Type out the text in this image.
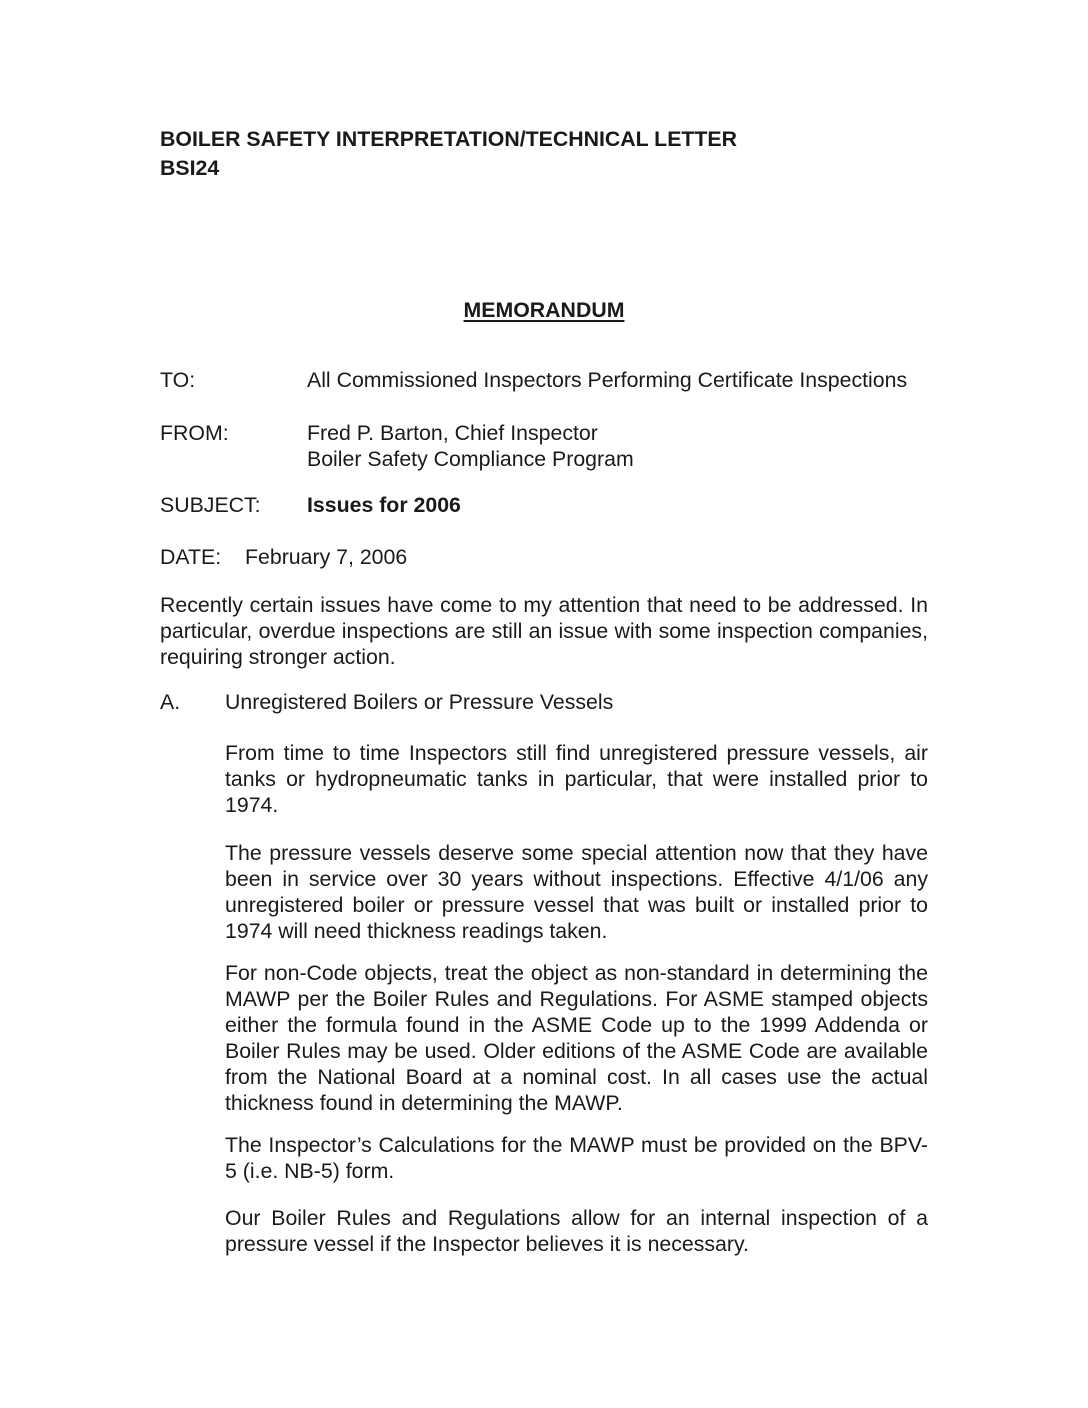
BOILER SAFETY INTERPRETATION/TECHNICAL LETTER
BSI24
MEMORANDUM
TO:	All Commissioned Inspectors Performing Certificate Inspections
FROM:	Fred P. Barton, Chief Inspector
Boiler Safety Compliance Program
SUBJECT:	Issues for 2006
DATE:	February 7, 2006

Recently certain issues have come to my attention that need to be addressed. In particular, overdue inspections are still an issue with some inspection companies, requiring stronger action.

A.	Unregistered Boilers or Pressure Vessels

From time to time Inspectors still find unregistered pressure vessels, air tanks or hydropneumatic tanks in particular, that were installed prior to 1974.

The pressure vessels deserve some special attention now that they have been in service over 30 years without inspections. Effective 4/1/06 any unregistered boiler or pressure vessel that was built or installed prior to 1974 will need thickness readings taken.

For non-Code objects, treat the object as non-standard in determining the MAWP per the Boiler Rules and Regulations. For ASME stamped objects either the formula found in the ASME Code up to the 1999 Addenda or Boiler Rules may be used. Older editions of the ASME Code are available from the National Board at a nominal cost. In all cases use the actual thickness found in determining the MAWP.

The Inspector’s Calculations for the MAWP must be provided on the BPV-5 (i.e. NB-5) form.

Our Boiler Rules and Regulations allow for an internal inspection of a pressure vessel if the Inspector believes it is necessary.
